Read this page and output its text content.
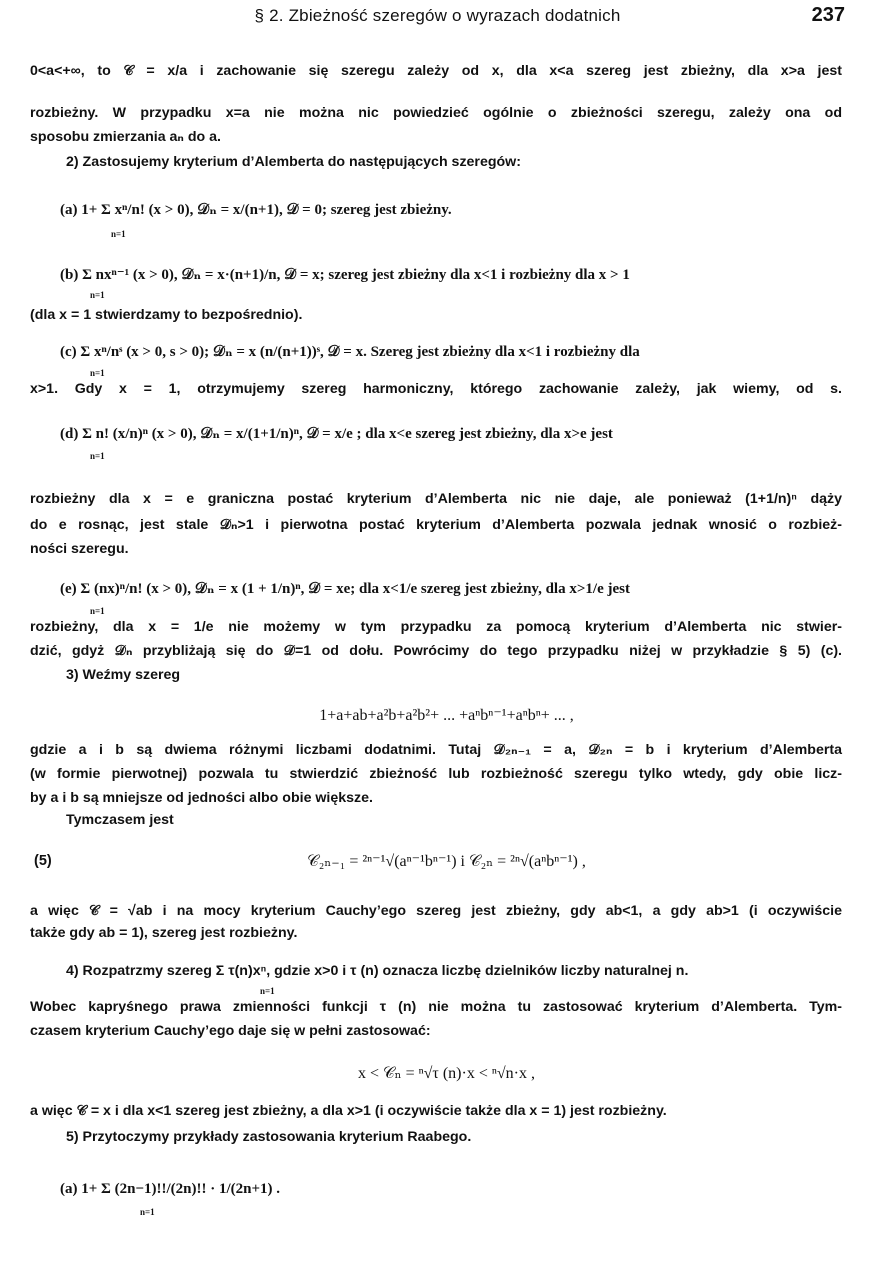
§ 2. Zbieżność szeregów o wyrazach dodatnich	237
0<a<+∞, to 𝒞 = x/a i zachowanie się szeregu zależy od x, dla x<a szereg jest zbieżny, dla x>a jest
rozbieżny. W przypadku x=a nie można nic powiedzieć ogólnie o zbieżności szeregu, zależy ona od
sposobu zmierzania aₙ do a.
2) Zastosujemy kryterium d’Alemberta do następujących szeregów:
(a) 1+ Σ xⁿ/n! (x > 0), 𝒟ₙ = x/(n+1), 𝒟 = 0; szereg jest zbieżny.
n=1
(b) Σ nxⁿ⁻¹ (x > 0), 𝒟ₙ = x·(n+1)/n, 𝒟 = x; szereg jest zbieżny dla x<1 i rozbieżny dla x > 1
n=1
(dla x = 1 stwierdzamy to bezpośrednio).
(c) Σ xⁿ/nˢ (x > 0, s > 0); 𝒟ₙ = x (n/(n+1))ˢ, 𝒟 = x. Szereg jest zbieżny dla x<1 i rozbieżny dla
n=1
x>1. Gdy x = 1, otrzymujemy szereg harmoniczny, którego zachowanie zależy, jak wiemy, od s.
(d) Σ n! (x/n)ⁿ (x > 0), 𝒟ₙ = x/(1+1/n)ⁿ, 𝒟 = x/e ; dla x<e szereg jest zbieżny, dla x>e jest
n=1
rozbieżny dla x = e graniczna postać kryterium d’Alemberta nic nie daje, ale ponieważ (1+1/n)ⁿ dąży
do e rosnąc, jest stale 𝒟ₙ>1 i pierwotna postać kryterium d’Alemberta pozwala jednak wnosić o rozbież-
ności szeregu.
(e) Σ (nx)ⁿ/n! (x > 0), 𝒟ₙ = x (1 + 1/n)ⁿ, 𝒟 = xe; dla x<1/e szereg jest zbieżny, dla x>1/e jest
n=1
rozbieżny, dla x = 1/e nie możemy w tym przypadku za pomocą kryterium d’Alemberta nic stwier-
dzić, gdyż 𝒟ₙ przybliżają się do 𝒟=1 od dołu. Powrócimy do tego przypadku niżej w przykładzie § 5) (c).
3) Weźmy szereg
1+a+ab+a²b+a²b²+ ... +aⁿbⁿ⁻¹+aⁿbⁿ+ ... ,
gdzie a i b są dwiema różnymi liczbami dodatnimi. Tutaj 𝒟₂ₙ₋₁ = a, 𝒟₂ₙ = b i kryterium d’Alemberta
(w formie pierwotnej) pozwala tu stwierdzić zbieżność lub rozbieżność szeregu tylko wtedy, gdy obie licz-
by a i b są mniejsze od jedności albo obie większe.
Tymczasem jest
(5)	𝒞₂ₙ₋₁ = ²ⁿ⁻¹√(aⁿ⁻¹bⁿ⁻¹) i 𝒞₂ₙ = ²ⁿ√(aⁿbⁿ⁻¹) ,
a więc 𝒞 = √ab i na mocy kryterium Cauchy’ego szereg jest zbieżny, gdy ab<1, a gdy ab>1 (i oczywiście
także gdy ab = 1), szereg jest rozbieżny.
4) Rozpatrzmy szereg Σ τ(n)xⁿ, gdzie x>0 i τ (n) oznacza liczbę dzielników liczby naturalnej n.
n=1
Wobec kapryśnego prawa zmienności funkcji τ (n) nie można tu zastosować kryterium d’Alemberta. Tym-
czasem kryterium Cauchy’ego daje się w pełni zastosować:
x < 𝒞ₙ = ⁿ√τ (n)·x < ⁿ√n·x ,
a więc 𝒞 = x i dla x<1 szereg jest zbieżny, a dla x>1 (i oczywiście także dla x = 1) jest rozbieżny.
5) Przytoczymy przykłady zastosowania kryterium Raabego.
(a) 1+ Σ (2n−1)!!/(2n)!! · 1/(2n+1) .
n=1
